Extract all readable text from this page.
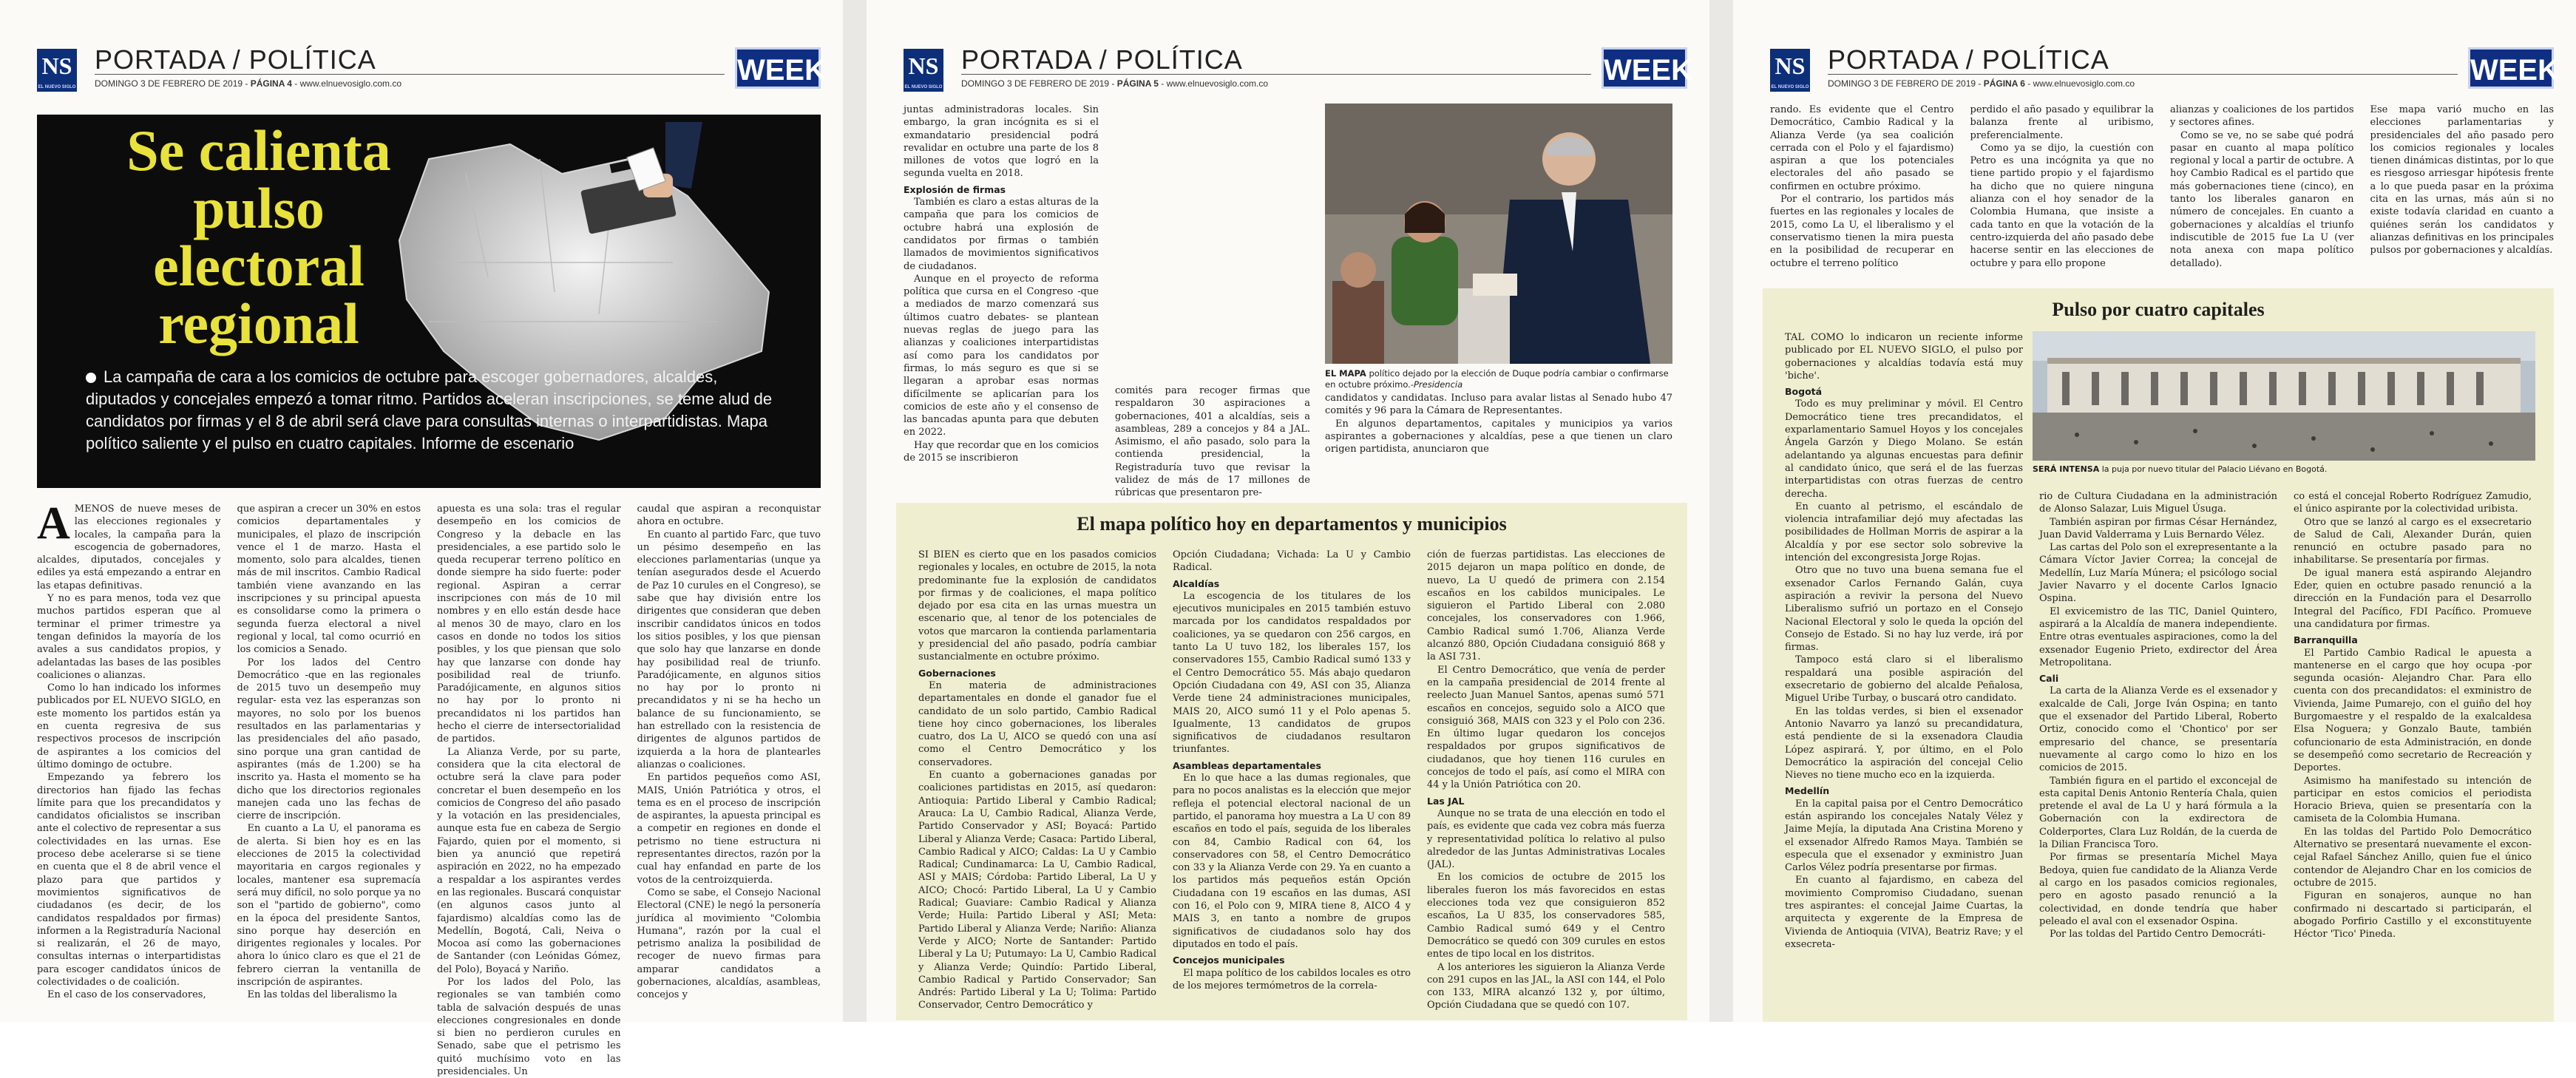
NS
EL NUEVO SIGLO
PORTADA / POLÍTICA
DOMINGO 3 DE FEBRERO DE 2019 - PÁGINA 4 - www.elnuevosiglo.com.co	WEEK
Se calienta pulso electoral regional
La campaña de cara a los comicios de octubre para escoger gobernadores, alcaldes, diputados y concejales empezó a tomar ritmo. Partidos aceleran inscripciones, se teme alud de candidatos por firmas y el 8 de abril será clave para consultas internas o interpartidistas. Mapa político saliente y el pulso en cuatro capitales. Informe de escenario
A MENOS de nueve meses de las elecciones regionales y locales, la campaña para la escogencia de gobernadores, alcaldes, diputados, concejales y ediles ya está empezando a entrar en las etapas definitivas.

Y no es para menos, toda vez que muchos partidos esperan que al terminar el primer trimestre ya tengan definidos la mayoría de los avales a sus candidatos propios, y adelantadas las bases de las posibles coaliciones o alianzas.

Como lo han indicado los informes publicados por EL NUEVO SIGLO, en este momento los partidos están ya en cuenta regresiva de sus respectivos procesos de inscripción de aspirantes a los comicios del último domingo de octubre.

Empezando ya febrero los directorios han fijado las fechas límite para que los precandidatos y candidatos oficialistos se inscriban ante el colectivo de representar a sus colectividades en las urnas. Ese proceso debe acelerarse si se tiene en cuenta que el 8 de abril vence el plazo para que partidos y movimientos significativos de ciudadanos (es decir, de los candidatos respaldados por firmas) informen a la Registraduría Nacional si realizarán, el 26 de mayo, consultas internas o interpartidistas para escoger candidatos únicos de colectividades o de coalición.

En el caso de los conservadores,

que aspiran a crecer un 30% en estos comicios departamentales y municipales, el plazo de inscripción vence el 1 de marzo. Hasta el momento, solo para alcaldes, tienen más de mil inscritos. Cambio Radical también viene avanzando en las inscripciones y su principal apuesta es consolidarse como la primera o segunda fuerza electoral a nivel regional y local, tal como ocurrió en los comicios a Senado.

Por los lados del Centro Democrático -que en las regionales de 2015 tuvo un desempeño muy regular- esta vez las esperanzas son mayores, no solo por los buenos resultados en las parlamentarias y las presidenciales del año pasado, sino porque una gran cantidad de aspirantes (más de 1.200) se ha inscrito ya. Hasta el momento se ha dicho que los directorios regionales manejen cada uno las fechas de cierre de inscripción.

En cuanto a La U, el panorama es de alerta. Si bien hoy es en las elecciones de 2015 la colectividad mayoritaria en cargos regionales y locales, mantener esa supremacía será muy difícil, no solo porque ya no son el "partido de gobierno", como en la época del presidente Santos, sino porque hay deserción en dirigentes regionales y locales. Por ahora lo único claro es que el 21 de febrero cierran la ventanilla de inscripción de aspirantes.

En las toldas del liberalismo la

apuesta es una sola: tras el regular desempeño en los comicios de Congreso y la debacle en las presidenciales, a ese partido solo le queda recuperar terreno político en donde siempre ha sido fuerte: poder regional. Aspiran a cerrar inscripciones con más de 10 mil nombres y en ello están desde hace al menos 30 de mayo, claro en los casos en donde no todos los sitios posibles, y los que piensan que solo hay que lanzarse con donde hay posibilidad real de triunfo. Paradójicamente, en algunos sitios no hay por lo pronto ni precandidatos ni los partidos han hecho el cierre de intersectorialidad de partidos.

La Alianza Verde, por su parte, considera que la cita electoral de octubre será la clave para poder concretar el buen desempeño en los comicios de Congreso del año pasado y la votación en las presidenciales, aunque esta fue en cabeza de Sergio Fajardo, quien por el momento, si bien ya anunció que repetirá aspiración en 2022, no ha empezado a respaldar a los aspirantes verdes en las regionales. Buscará conquistar (en algunos casos junto al fajardismo) alcaldías como las de Medellín, Bogotá, Cali, Neiva o Mocoa así como las gobernaciones de Santander (con Leónidas Gómez, del Polo), Boyacá y Nariño.

Por los lados del Polo, las regionales se van también como tabla de salvación después de unas elecciones congresionales en donde si bien no perdieron curules en Senado, sabe que el petrismo les quitó muchísimo voto en las presidenciales. Un

caudal que aspiran a reconquistar ahora en octubre.

En cuanto al partido Farc, que tuvo un pésimo desempeño en las elecciones parlamentarias (unque ya tenían asegurados desde el Acuerdo de Paz 10 curules en el Congreso), se sabe que hay división entre los dirigentes que consideran que deben inscribir candidatos únicos en todos los sitios posibles, y los que piensan que solo hay que lanzarse en donde hay posibilidad real de triunfo. Paradójicamente, en algunos sitios no hay por lo pronto ni precandidatos y ni se ha hecho un balance de su funcionamiento, se han estrellado con la resistencia de dirigentes de algunos partidos de izquierda a la hora de plantearles alianzas o coaliciones.

En partidos pequeños como ASI, MAIS, Unión Patriótica y otros, el tema es en el proceso de inscripción de aspirantes, la apuesta principal es a competir en regiones en donde el petrismo no tiene estructura ni representantes directos, razón por la cual hay enfandad en parte de los votos de la centroizquierda.

Como se sabe, el Consejo Nacional Electoral (CNE) le negó la personería jurídica al movimiento "Colombia Humana", razón por la cual el petrismo analiza la posibilidad de recoger de nuevo firmas para amparar candidatos a gobernaciones, alcaldías, asambleas, concejos y

NS
EL NUEVO SIGLO
PORTADA / POLÍTICA
DOMINGO 3 DE FEBRERO DE 2019 - PÁGINA 5 - www.elnuevosiglo.com.co	WEEK

juntas administradoras locales. Sin embargo, la gran incógnita es si el exmandatario presidencial podrá revalidar en octubre una parte de los 8 millones de votos que logró en la segunda vuelta en 2018.

Explosión de firmas

También es claro a estas alturas de la campaña que para los comicios de octubre habrá una explosión de candidatos por firmas o también llamados de movimientos significativos de ciudadanos.

Aunque en el proyecto de reforma política que cursa en el Congreso -que a mediados de marzo comenzará sus últimos cuatro debates- se plantean nuevas reglas de juego para las alianzas y coaliciones interpartidistas así como para los candidatos por firmas, lo más seguro es que si se llegaran a aprobar esas normas difícilmente se aplicarían para los comicios de este año y el consenso de las bancadas apunta para que debuten en 2022.

Hay que recordar que en los comicios de 2015 se inscribieron

comités para recoger firmas que respaldaron 30 aspiraciones a gobernaciones, 401 a alcaldías, seis a asambleas, 289 a concejos y 84 a JAL. Asimismo, el año pasado, solo para la contienda presidencial, la Registraduría tuvo que revisar la validez de más de 17 millones de rúbricas que presentaron pre-

EL MAPA político dejado por la elección de Duque podría cambiar o confirmarse en octubre próximo.-Presidencia

candidatos y candidatas. Incluso para avalar listas al Senado hubo 47 comités y 96 para la Cámara de Representantes.

En algunos departamentos, capitales y municipios ya varios aspirantes a gobernaciones y alcaldías, pese a que tienen un claro origen partidista, anunciaron que

El mapa político hoy en departamentos y municipios

SI BIEN es cierto que en los pasados comicios regionales y locales, en octubre de 2015, la nota predominante fue la explosión de candidatos por firmas y de coaliciones, el mapa político dejado por esa cita en las urnas muestra un escenario que, al tenor de los potenciales de votos que marcaron la contienda parlamentaria y presidencial del año pasado, podría cambiar sustancialmente en octubre próximo.

Gobernaciones

En materia de administraciones departamentales en donde el ganador fue el candidato de un solo partido, Cambio Radical tiene hoy cinco gobernaciones, los liberales cuatro, dos La U, AICO se quedó con una así como el Centro Democrático y los conservadores.

En cuanto a gobernaciones ganadas por coaliciones partidistas en 2015, así quedaron: Antioquia: Partido Liberal y Cambio Radical; Arauca: La U, Cambio Radical, Alianza Verde, Partido Conservador y ASI; Boyacá: Partido Liberal y Alianza Verde; Casaca: Partido Liberal, Cambio Radical y AICO; Caldas: La U y Cambio Radical; Cundinamarca: La U, Cambio Radical, ASI y MAIS; Córdoba: Partido Liberal, La U y AICO; Chocó: Partido Liberal, La U y Cambio Radical; Guaviare: Cambio Radical y Alianza Verde; Huila: Partido Liberal y ASI; Meta: Partido Liberal y Alianza Verde; Nariño: Alianza Verde y AICO; Norte de Santander: Partido Liberal y La U; Putumayo: La U, Cambio Radical y Alianza Verde; Quindío: Partido Liberal, Cambio Radical y Partido Conservador; San Andrés: Partido Liberal y La U; Tolima: Partido Conservador, Centro Democrático y

Opción Ciudadana; Vichada: La U y Cambio Radical.

Alcaldías

La escogencia de los titulares de los ejecutivos municipales en 2015 también estuvo marcada por los candidatos respaldados por coaliciones, ya se quedaron con 256 cargos, en tanto La U tuvo 182, los liberales 157, los conservadores 155, Cambio Radical sumó 133 y el Centro Democrático 55. Más abajo quedaron Opción Ciudadana con 49, ASI con 35, Alianza Verde tiene 24 administraciones municipales, MAIS 20, AICO sumó 11 y el Polo apenas 5. Igualmente, 13 candidatos de grupos significativos de ciudadanos resultaron triunfantes.

Asambleas departamentales

En lo que hace a las dumas regionales, que para no pocos analistas es la elección que mejor refleja el potencial electoral nacional de un partido, el panorama hoy muestra a La U con 89 escaños en todo el país, seguida de los liberales con 84, Cambio Radical con 64, los conservadores con 58, el Centro Democrático con 33 y la Alianza Verde con 29. Ya en cuanto a los partidos más pequeños están Opción Ciudadana con 19 escaños en las dumas, ASI con 16, el Polo con 9, MIRA tiene 8, AICO 4 y MAIS 3, en tanto a nombre de grupos significativos de ciudadanos solo hay dos diputados en todo el país.

Concejos municipales

El mapa político de los cabildos locales es otro de los mejores termómetros de la correla-

ción de fuerzas partidistas. Las elecciones de 2015 dejaron un mapa político en donde, de nuevo, La U quedó de primera con 2.154 escaños en los cabildos municipales. Le siguieron el Partido Liberal con 2.080 concejales, los conservadores con 1.966, Cambio Radical sumó 1.706, Alianza Verde alcanzó 880, Opción Ciudadana consiguió 868 y la ASI 731.

El Centro Democrático, que venía de perder en la campaña presidencial de 2014 frente al reelecto Juan Manuel Santos, apenas sumó 571 escaños en concejos, seguido solo a AICO que consiguió 368, MAIS con 323 y el Polo con 236. En último lugar quedaron los concejos respaldados por grupos significativos de ciudadanos, que hoy tienen 116 curules en concejos de todo el país, así como el MIRA con 44 y la Unión Patriótica con 20.

Las JAL

Aunque no se trata de una elección en todo el país, es evidente que cada vez cobra más fuerza y representatividad política lo relativo al pulso alrededor de las Juntas Administrativas Locales (JAL).

En los comicios de octubre de 2015 los liberales fueron los más favorecidos en estas elecciones toda vez que consiguieron 852 escaños, La U 835, los conservadores 585, Cambio Radical sumó 649 y el Centro Democrático se quedó con 309 curules en estos entes de tipo local en los distritos.

A los anteriores les siguieron la Alianza Verde con 291 cupos en las JAL, la ASI con 144, el Polo con 133, MIRA alcanzó 132 y, por último, Opción Ciudadana que se quedó con 107.

NS
EL NUEVO SIGLO
PORTADA / POLÍTICA
DOMINGO 3 DE FEBRERO DE 2019 - PÁGINA 6 - www.elnuevosiglo.com.co	WEEK

rando. Es evidente que el Centro Democrático, Cambio Radical y la Alianza Verde (ya sea coalición cerrada con el Polo y el fajardismo) aspiran a que los potenciales electorales del año pasado se confirmen en octubre próximo.

Por el contrario, los partidos más fuertes en las regionales y locales de 2015, como La U, el liberalismo y el conservatismo tienen la mira puesta en la posibilidad de recuperar en octubre el terreno político

perdido el año pasado y equilibrar la balanza frente al uribismo, preferencialmente.

Como ya se dijo, la cuestión con Petro es una incógnita ya que no tiene partido propio y el fajardismo ha dicho que no quiere ninguna alianza con el hoy senador de la Colombia Humana, que insiste a cada tanto en que la votación de la centro-izquierda del año pasado debe hacerse sentir en las elecciones de octubre y para ello propone

alianzas y coaliciones de los partidos y sectores afines.

Como se ve, no se sabe qué podrá pasar en cuanto al mapa político regional y local a partir de octubre. A hoy Cambio Radical es el partido que más gobernaciones tiene (cinco), en tanto los liberales ganaron en número de concejales. En cuanto a gobernaciones y alcaldías el triunfo indiscutible de 2015 fue La U (ver nota anexa con mapa político detallado).

Ese mapa varió mucho en las elecciones parlamentarias y presidenciales del año pasado pero los comicios regionales y locales tienen dinámicas distintas, por lo que es riesgoso arriesgar hipótesis frente a lo que pueda pasar en la próxima cita en las urnas, más aún si no existe todavía claridad en cuanto a quiénes serán los candidatos y alianzas definitivas en los principales pulsos por gobernaciones y alcaldías.

Pulso por cuatro capitales

TAL COMO lo indicaron un reciente informe publicado por EL NUEVO SIGLO, el pulso por gobernaciones y alcaldías todavía está muy 'biche'.

Bogotá

Todo es muy preliminar y móvil. El Centro Democrático tiene tres precandidatos, el exparlamentario Samuel Hoyos y los concejales Ángela Garzón y Diego Molano. Se están adelantando ya algunas encuestas para definir al candidato único, que será el de las fuerzas interpartidistas con otras fuerzas de centro derecha.

En cuanto al petrismo, el escándalo de violencia intrafamiliar dejó muy afectadas las posibilidades de Hollman Morris de aspirar a la Alcaldía y por ese sector solo sobrevive la intención del excongresista Jorge Rojas.

Otro que no tuvo una buena semana fue el exsenador Carlos Fernando Galán, cuya aspiración a revivir la persona del Nuevo Liberalismo sufrió un portazo en el Consejo Nacional Electoral y solo le queda la opción del Consejo de Estado. Si no hay luz verde, irá por firmas.

Tampoco está claro si el liberalismo respaldará una posible aspiración del exsecretario de gobierno del alcalde Peñalosa, Miguel Uribe Turbay, o buscará otro candidato.

En las toldas verdes, si bien el exsenador Antonio Navarro ya lanzó su precandidatura, está pendiente de si la exsenadora Claudia López aspirará. Y, por último, en el Polo Democrático la aspiración del concejal Celio Nieves no tiene mucho eco en la izquierda.

Medellín

En la capital paisa por el Centro Democrático están aspirando los concejales Nataly Vélez y Jaime Mejía, la diputada Ana Cristina Moreno y el exsenador Alfredo Ramos Maya. También se especula que el exsenador y exministro Juan Carlos Vélez podría presentarse por firmas.

En cuanto al fajardismo, en cabeza del movimiento Compromiso Ciudadano, suenan tres aspirantes: el concejal Jaime Cuartas, la arquitecta y exgerente de la Empresa de Vivienda de Antioquia (VIVA), Beatriz Rave; y el exsecreta-

rio de Cultura Ciudadana en la administración de Alonso Salazar, Luis Miguel Úsuga.

También aspiran por firmas César Hernández, Juan David Valderrama y Luis Bernardo Vélez.

Las cartas del Polo son el exrepresentante a la Cámara Víctor Javier Correa; la concejal de Medellín, Luz María Múnera; el psicólogo social Javier Navarro y el docente Carlos Ignacio Ospina.

El exvicemistro de las TIC, Daniel Quintero, aspirará a la Alcaldía de manera independiente. Entre otras eventuales aspiraciones, como la del exsenador Eugenio Prieto, exdirector del Área Metropolitana.

Cali

La carta de la Alianza Verde es el exsenador y exalcalde de Cali, Jorge Iván Ospina; en tanto que el exsenador del Partido Liberal, Roberto Ortiz, conocido como el 'Chontico' por ser empresario del chance, se presentaría nuevamente al cargo como lo hizo en los comicios de 2015.

También figura en el partido el exconcejal de esta capital Denis Antonio Rentería Chala, quien pretende el aval de La U y hará fórmula a la Gobernación con la exdirectora de Colderportes, Clara Luz Roldán, de la cuerda de la Dilian Francisca Toro.

Por firmas se presentaría Michel Maya Bedoya, quien fue candidato de la Alianza Verde al cargo en los pasados comicios regionales, pero en agosto pasado renunció a la colectividad, en donde tendría que haber peleado el aval con el exsenador Ospina.

Por las toldas del Partido Centro Democráti-

co está el concejal Roberto Rodríguez Zamudio, el único aspirante por la colectividad uribista.

Otro que se lanzó al cargo es el exsecretario de Salud de Cali, Alexander Durán, quien renunció en octubre pasado para no inhabilitarse. Se presentaría por firmas.

De igual manera está aspirando Alejandro Eder, quien en octubre pasado renunció a la dirección en la Fundación para el Desarrollo Integral del Pacífico, FDI Pacífico. Promueve una candidatura por firmas.

Barranquilla

El Partido Cambio Radical le apuesta a mantenerse en el cargo que hoy ocupa -por segunda ocasión- Alejandro Char. Para ello cuenta con dos precandidatos: el exministro de Vivienda, Jaime Pumarejo, con el guiño del hoy Burgomaestre y el respaldo de la exalcaldesa Elsa Noguera; y Gonzalo Baute, también cofuncionario de esta Administración, en donde se desempeñó como secretario de Recreación y Deportes.

Asimismo ha manifestado su intención de participar en estos comicios el periodista Horacio Brieva, quien se presentaría con la camiseta de la Colombia Humana.

En las toldas del Partido Polo Democrático Alternativo se presentará nuevamente el excon-cejal Rafael Sánchez Anillo, quien fue el único contendor de Alejandro Char en los comicios de octubre de 2015.

Figuran en sonajeros, aunque no han confirmado ni descartado si participarán, el abogado Porfirio Castillo y el exconstituyente Héctor 'Tico' Pineda.

SERÁ INTENSA la puja por nuevo titular del Palacio Liévano en Bogotá.
